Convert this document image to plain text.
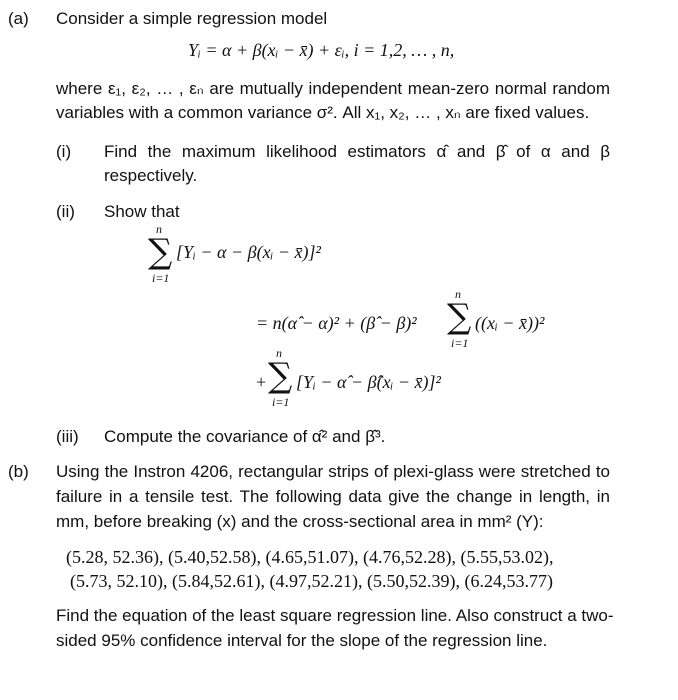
(a) Consider a simple regression model
Yᵢ = α + β(xᵢ − x̄) + εᵢ, i = 1,2, … , n,
where ε₁, ε₂, … , εₙ are mutually independent mean-zero normal random
variables with a common variance σ². All x₁, x₂, … , xₙ are fixed values.
(i) Find the maximum likelihood estimators α̂ and β̂ of α and β
respectively.
(ii) Show that
n
∑
i=1
[Yᵢ − α − β(xᵢ − x̄)]²
= n(α̂ − α)² + (β̂ − β)²
n
∑
i=1
((xᵢ − x̄))²
+
n
∑
i=1
[Yᵢ − α̂ − β̂(xᵢ − x̄)]²
(iii) Compute the covariance of α̂² and β̂³.
(b) Using the Instron 4206, rectangular strips of plexi-glass were stretched to
failure in a tensile test. The following data give the change in length, in
mm, before breaking (x) and the cross-sectional area in mm² (Y):
(5.28, 52.36), (5.40,52.58), (4.65,51.07), (4.76,52.28), (5.55,53.02),
(5.73, 52.10), (5.84,52.61), (4.97,52.21), (5.50,52.39), (6.24,53.77)
Find the equation of the least square regression line. Also construct a two-
sided 95% confidence interval for the slope of the regression line.
